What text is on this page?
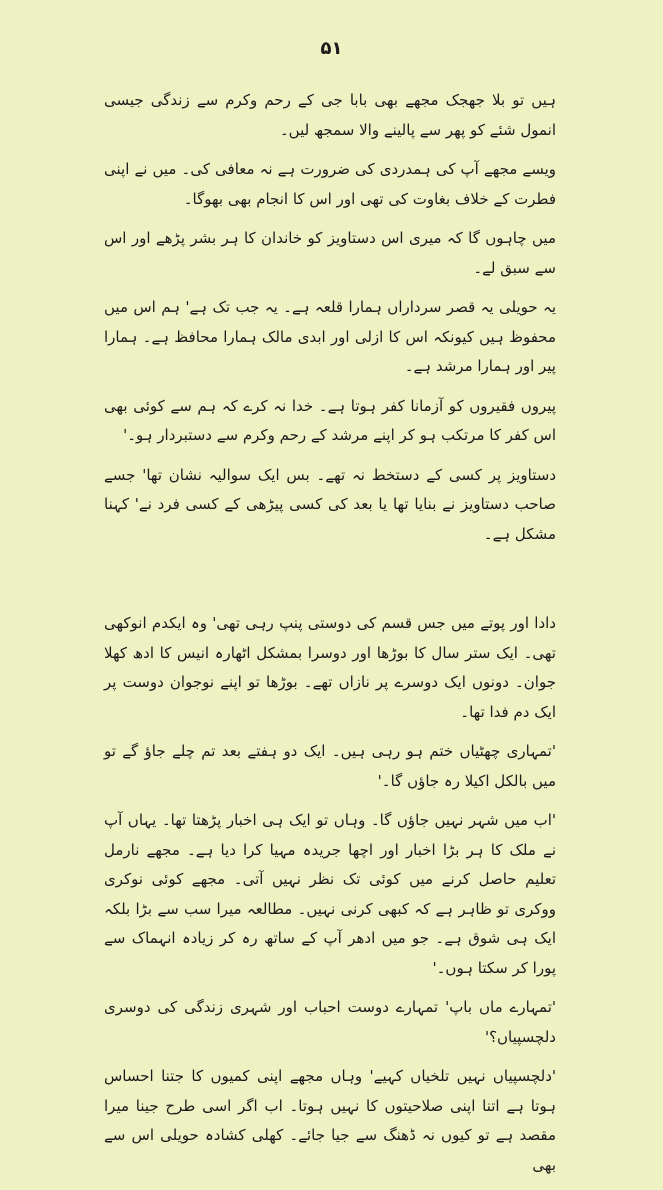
۵۱

ہیں تو بلا جھجک مجھے بھی بابا جی کے رحم وکرم سے زندگی جیسی انمول شئے کو پھر سے پالینے والا سمجھ لیں۔

ویسے مجھے آپ کی ہمدردی کی ضرورت ہے نہ معافی کی۔ میں نے اپنی فطرت کے خلاف بغاوت کی تھی اور اس کا انجام بھی بھوگا۔

میں چاہوں گا کہ میری اس دستاویز کو خاندان کا ہر بشر پڑھے اور اس سے سبق لے۔

یہ حویلی یہ قصر سرداراں ہمارا قلعہ ہے۔ یہ جب تک ہے' ہم اس میں محفوظ ہیں کیونکہ اس کا ازلی اور ابدی مالک ہمارا محافظ ہے۔ ہمارا پیر اور ہمارا مرشد ہے۔

پیروں فقیروں کو آزمانا کفر ہوتا ہے۔ خدا نہ کرے کہ ہم سے کوئی بھی اس کفر کا مرتکب ہو کر اپنے مرشد کے رحم وکرم سے دستبردار ہو۔'

دستاویز پر کسی کے دستخط نہ تھے۔ بس ایک سوالیہ نشان تھا' جسے صاحب دستاویز نے بنایا تھا یا بعد کی کسی پیڑھی کے کسی فرد نے' کہنا مشکل ہے۔

دادا اور پوتے میں جس قسم کی دوستی پنپ رہی تھی' وہ ایکدم انوکھی تھی۔ ایک ستر سال کا بوڑھا اور دوسرا بمشکل اٹھارہ انیس کا ادھ کھلا جوان۔ دونوں ایک دوسرے پر نازاں تھے۔ بوڑھا تو اپنے نوجوان دوست پر ایک دم فدا تھا۔

'تمہاری چھٹیاں ختم ہو رہی ہیں۔ ایک دو ہفتے بعد تم چلے جاؤ گے تو میں بالکل اکیلا رہ جاؤں گا۔'

'اب میں شہر نہیں جاؤں گا۔ وہاں تو ایک ہی اخبار پڑھتا تھا۔ یہاں آپ نے ملک کا ہر بڑا اخبار اور اچھا جریدہ مہیا کرا دیا ہے۔ مجھے نارمل تعلیم حاصل کرنے میں کوئی تک نظر نہیں آتی۔ مجھے کوئی نوکری ووکری تو ظاہر ہے کہ کبھی کرنی نہیں۔ مطالعہ میرا سب سے بڑا بلکہ ایک ہی شوق ہے۔ جو میں ادھر آپ کے ساتھ رہ کر زیادہ انہماک سے پورا کر سکتا ہوں۔'

'تمہارے ماں باپ' تمہارے دوست احباب اور شہری زندگی کی دوسری دلچسپیاں؟'

'دلچسپیاں نہیں تلخیاں کہیے' وہاں مجھے اپنی کمیوں کا جتنا احساس ہوتا ہے اتنا اپنی صلاحیتوں کا نہیں ہوتا۔ اب اگر اسی طرح جینا میرا مقصد ہے تو کیوں نہ ڈھنگ سے جیا جائے۔ کھلی کشادہ حویلی اس سے بھی
